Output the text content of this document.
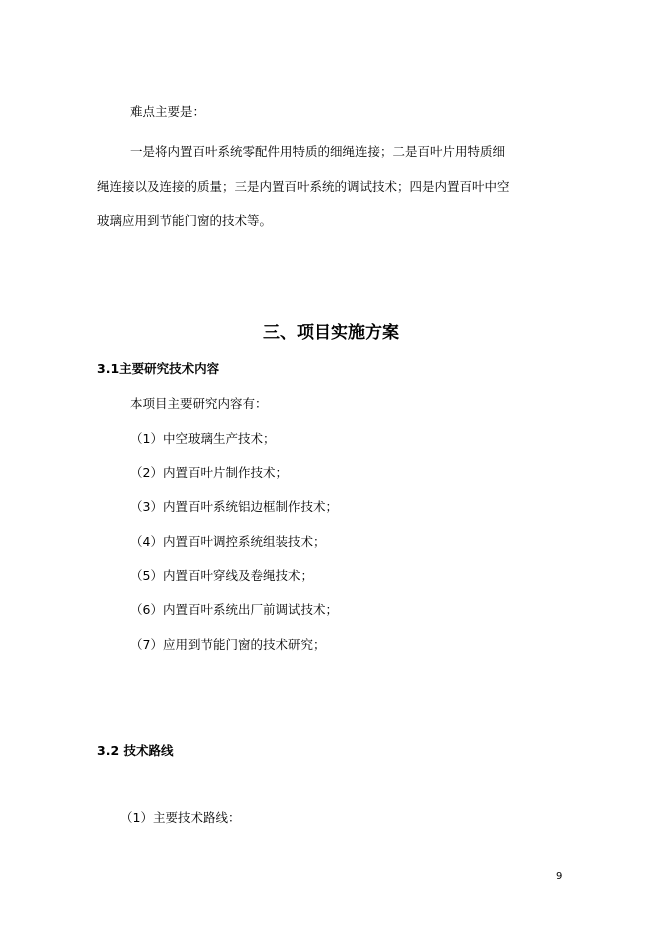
难点主要是：
一是将内置百叶系统零配件用特质的细绳连接；二是百叶片用特质细
绳连接以及连接的质量；三是内置百叶系统的调试技术；四是内置百叶中空
玻璃应用到节能门窗的技术等。
三、项目实施方案
3.1主要研究技术内容
本项目主要研究内容有：
（1）中空玻璃生产技术；
（2）内置百叶片制作技术；
（3）内置百叶系统铝边框制作技术；
（4）内置百叶调控系统组装技术；
（5）内置百叶穿线及卷绳技术；
（6）内置百叶系统出厂前调试技术；
（7）应用到节能门窗的技术研究；
3.2 技术路线
（1）主要技术路线：
9
